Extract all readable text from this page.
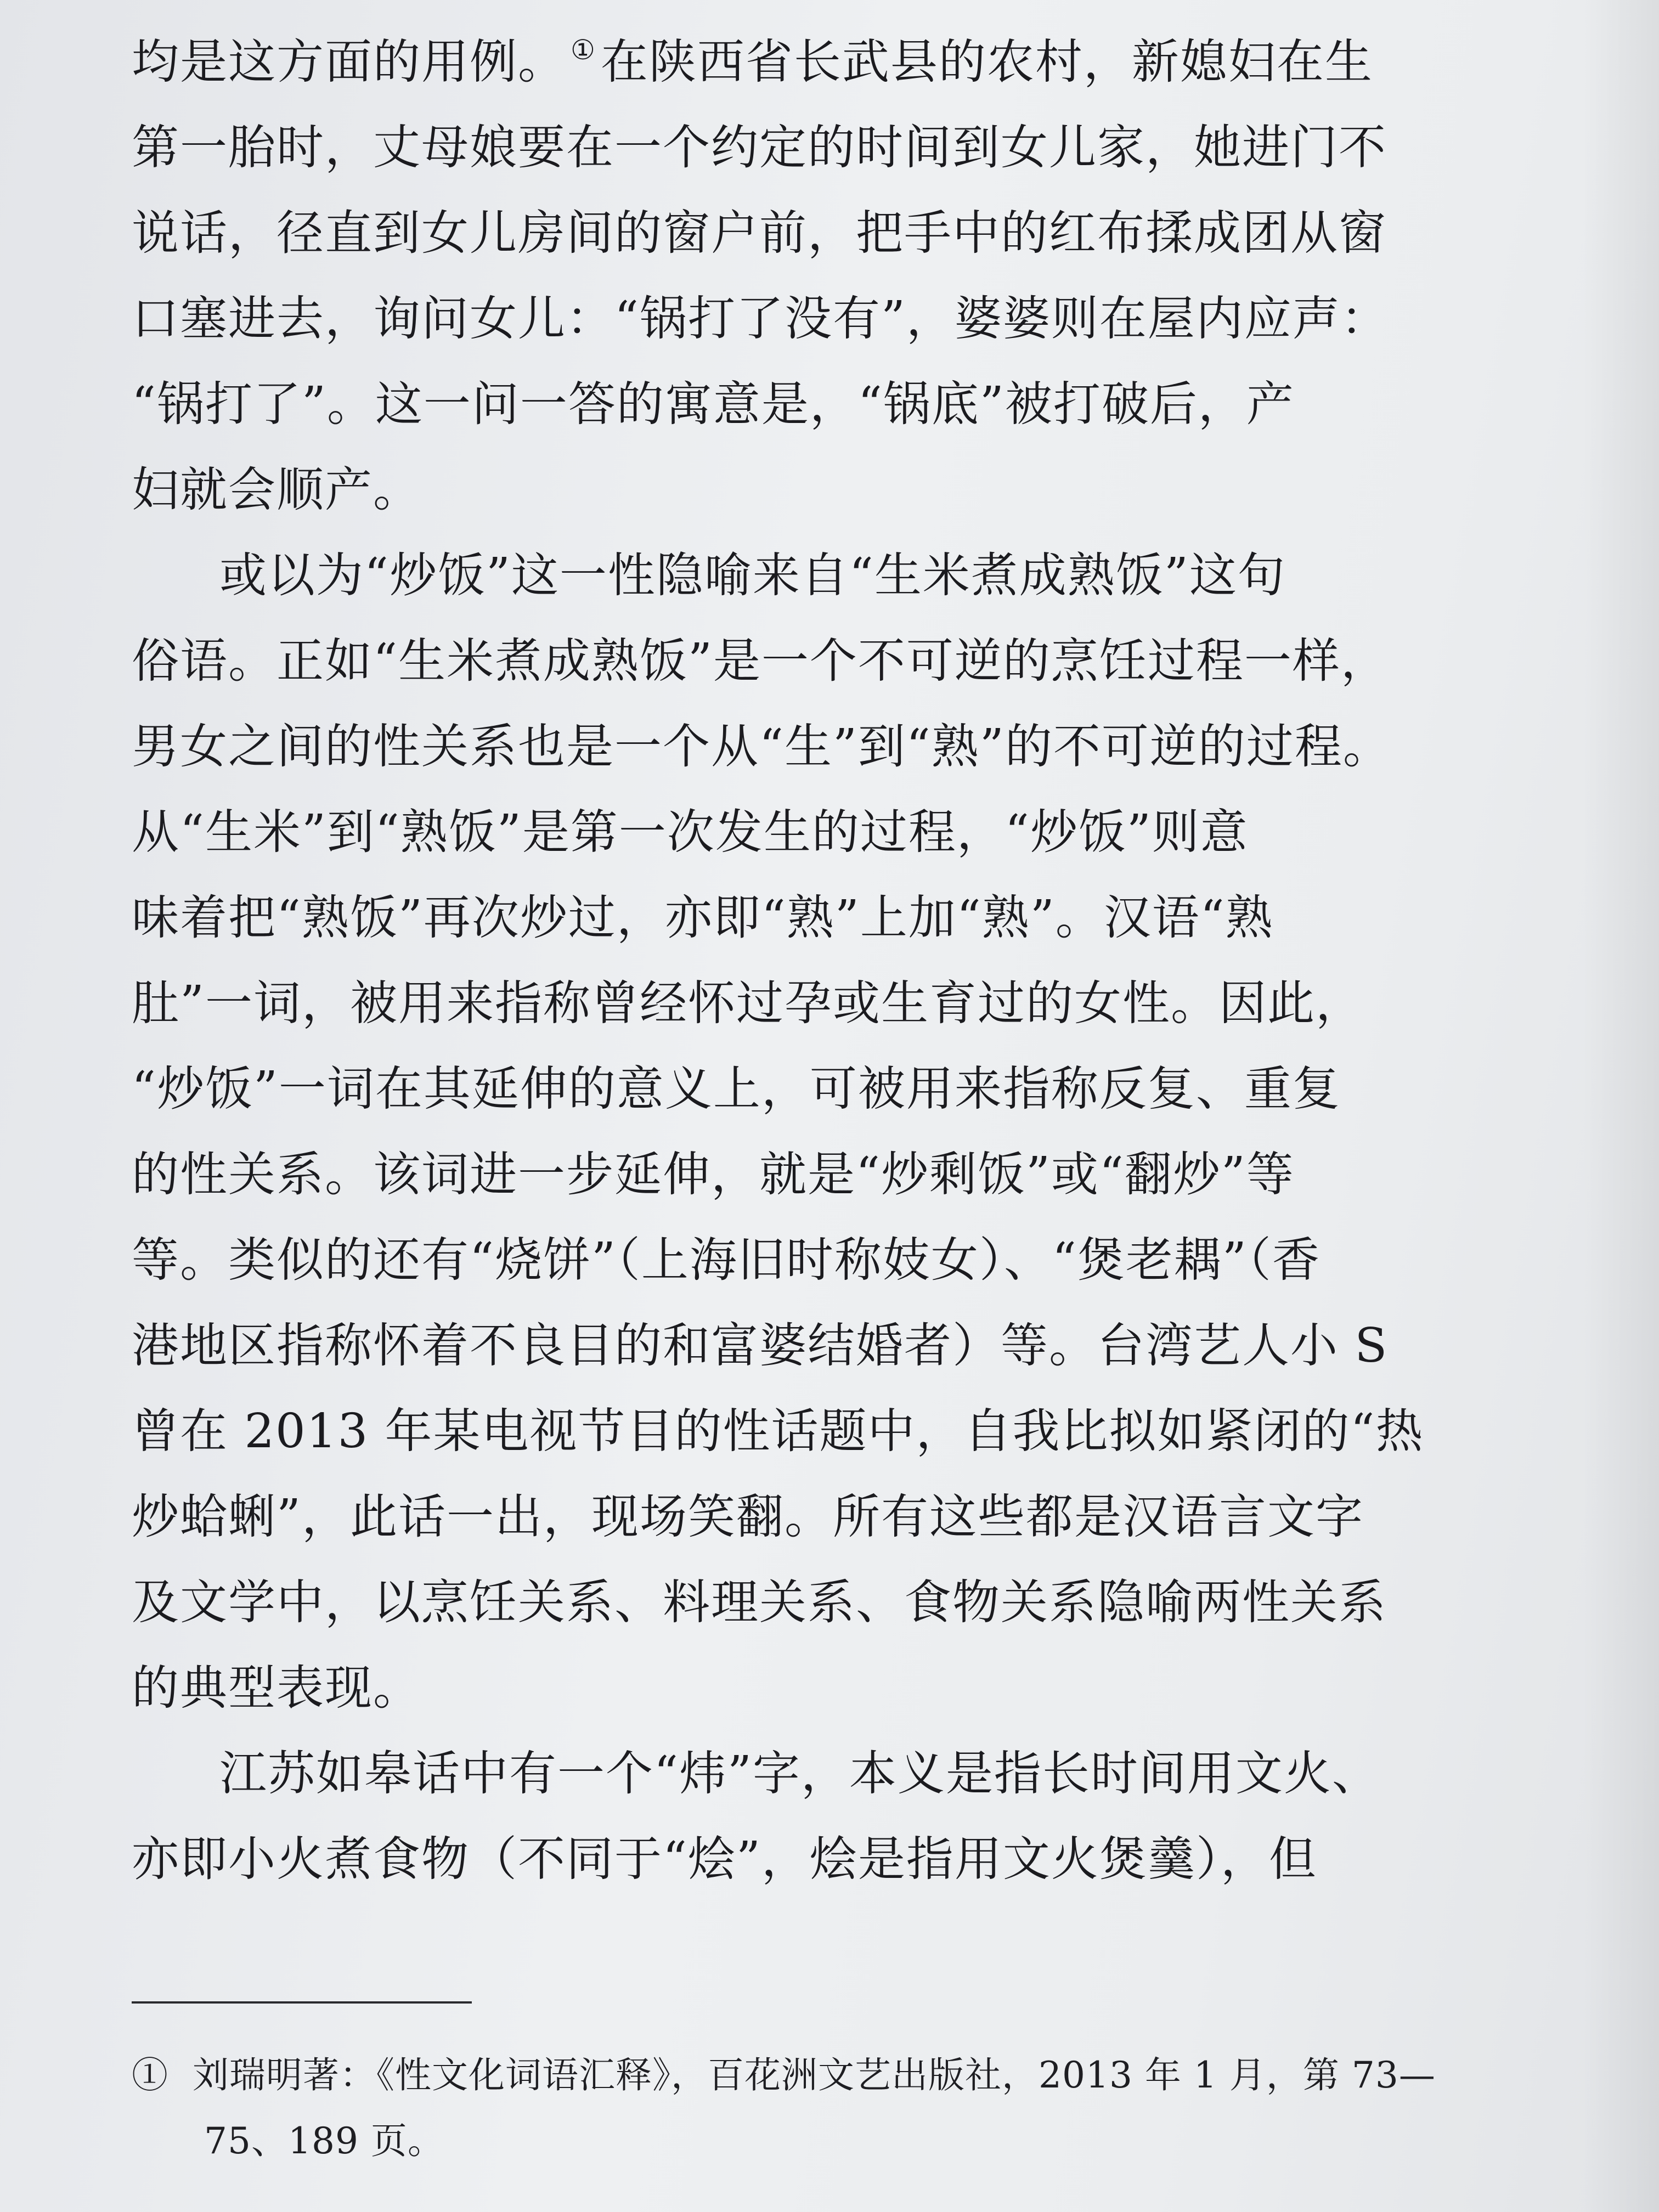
均是这方面的用例。 ①在陕西省长武县的农村，新媳妇在生
第一胎时，丈母娘要在一个约定的时间到女儿家，她进门不
说话，径直到女儿房间的窗户前，把手中的红布揉成团从窗
口塞进去，询问女儿：“锅打了没有”，婆婆则在屋内应声：
“锅打了”。这一问一答的寓意是，“锅底”被打破后，产
妇就会顺产。
或以为“炒饭”这一性隐喻来自“生米煮成熟饭”这句
俗语。正如“生米煮成熟饭”是一个不可逆的烹饪过程一样，
男女之间的性关系也是一个从“生”到“熟”的不可逆的过程。
从“生米”到“熟饭”是第一次发生的过程，“炒饭”则意
味着把“熟饭”再次炒过，亦即“熟”上加“熟”。汉语“熟
肚”一词，被用来指称曾经怀过孕或生育过的女性。因此，
“炒饭”一词在其延伸的意义上，可被用来指称反复、重复
的性关系。该词进一步延伸，就是“炒剩饭”或“翻炒”等
等。类似的还有“烧饼”（上海旧时称妓女）、“煲老耦”（香
港地区指称怀着不良目的和富婆结婚者）等。台湾艺人小 S
曾在 2013 年某电视节目的性话题中，自我比拟如紧闭的“热
炒蛤蜊”，此话一出，现场笑翻。所有这些都是汉语言文字
及文学中，以烹饪关系、料理关系、食物关系隐喻两性关系
的典型表现。
江苏如皋话中有一个“炜”字，本义是指长时间用文火、
亦即小火煮食物（不同于“烩”，烩是指用文火煲羹），但
① 刘瑞明著：《性文化词语汇释》，百花洲文艺出版社，2013 年 1 月，第 73—
75、189 页。
